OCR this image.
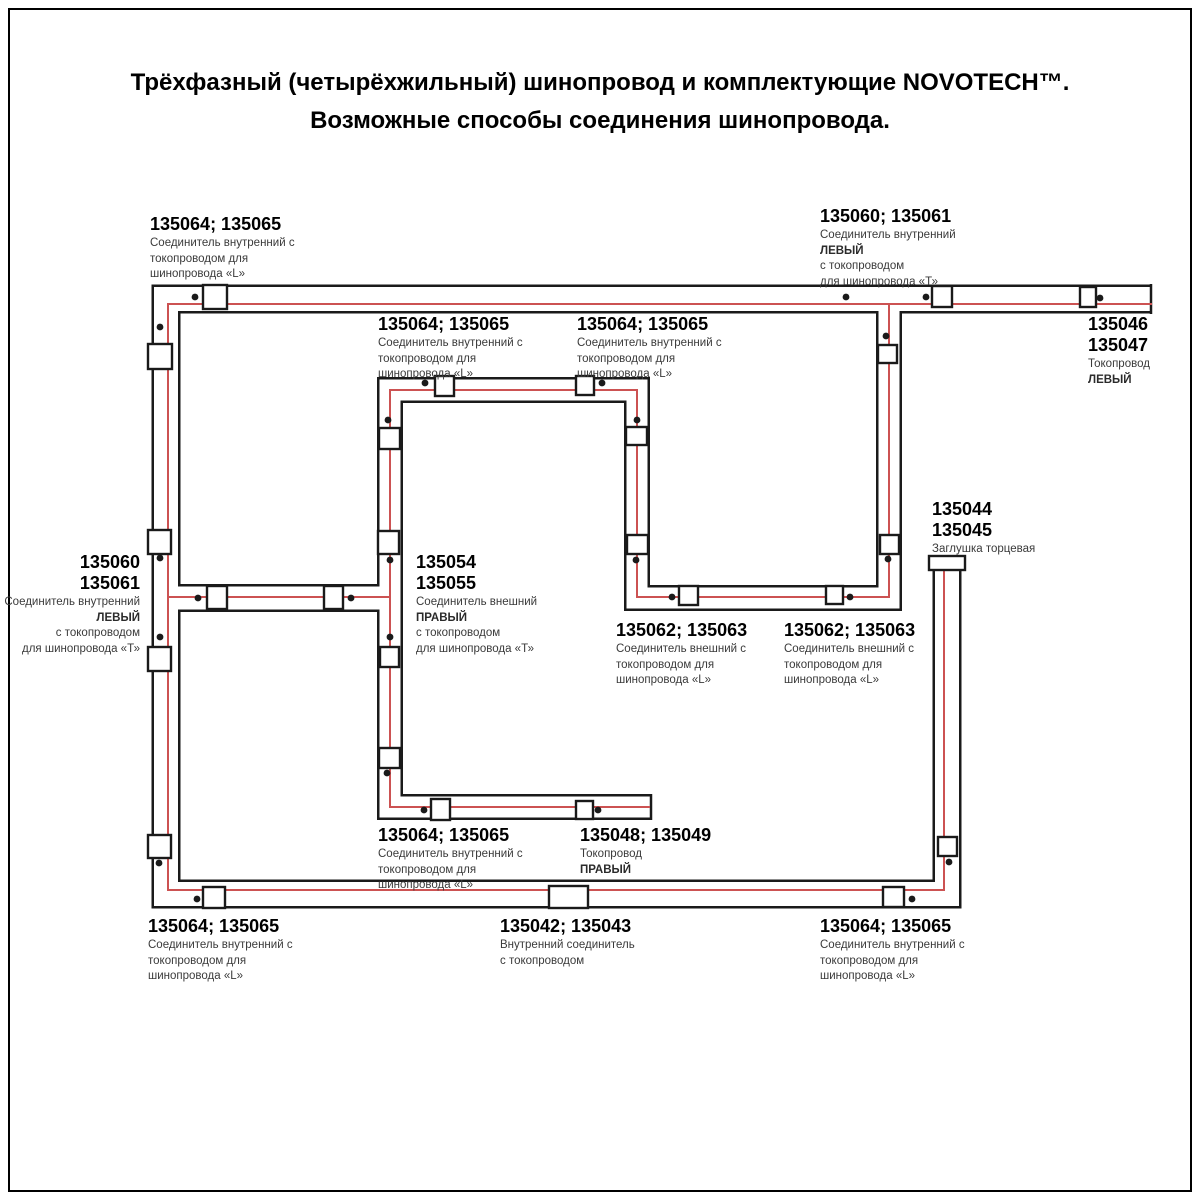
Трёхфазный (четырёхжильный) шинопровод и комплектующие NOVOTECH™.
Возможные способы соединения шинопровода.
135064; 135065
Соединитель внутренний с
токопроводом для
шинопровода «L»
135060; 135061
Соединитель внутренний
ЛЕВЫЙ
с токопроводом
для шинопровода «Т»
135046
135047
Токопровод
ЛЕВЫЙ
135064; 135065
Соединитель внутренний с
токопроводом для
шинопровода «L»
135064; 135065
Соединитель внутренний с
токопроводом для
шинопровода «L»
135060
135061
Соединитель внутренний
ЛЕВЫЙ
с токопроводом
для шинопровода «Т»
135054
135055
Соединитель внешний
ПРАВЫЙ
с токопроводом
для шинопровода «Т»
135044
135045
Заглушка торцевая
135062; 135063
Соединитель внешний с
токопроводом для
шинопровода «L»
135062; 135063
Соединитель внешний с
токопроводом для
шинопровода «L»
135064; 135065
Соединитель внутренний с
токопроводом для
шинопровода «L»
135048; 135049
Токопровод
ПРАВЫЙ
135064; 135065
Соединитель внутренний с
токопроводом для
шинопровода «L»
135042; 135043
Внутренний соединитель
с токопроводом
135064; 135065
Соединитель внутренний с
токопроводом для
шинопровода «L»
